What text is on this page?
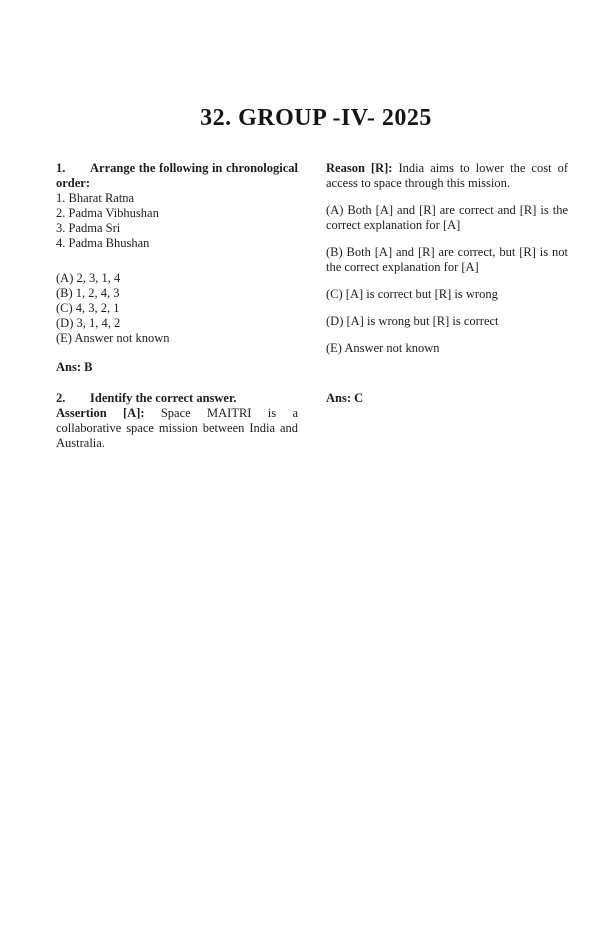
32. GROUP -IV- 2025

1. Arrange the following in chronological order:

1. Bharat Ratna
2. Padma Vibhushan
3. Padma Sri
4. Padma Bhushan
(A) 2, 3, 1, 4
(B) 1, 2, 4, 3
(C) 4, 3, 2, 1
(D) 3, 1, 4, 2
(E) Answer not known

Ans: B

2. Identify the correct answer.

Assertion [A]: Space MAITRI is a collaborative space mission between India and Australia.

Reason [R]: India aims to lower the cost of access to space through this mission.

(A) Both [A] and [R] are correct and [R] is the correct explanation for [A]

(B) Both [A] and [R] are correct, but [R] is not the correct explanation for [A]

(C) [A] is correct but [R] is wrong

(D) [A] is wrong but [R] is correct

(E) Answer not known

Ans: C
